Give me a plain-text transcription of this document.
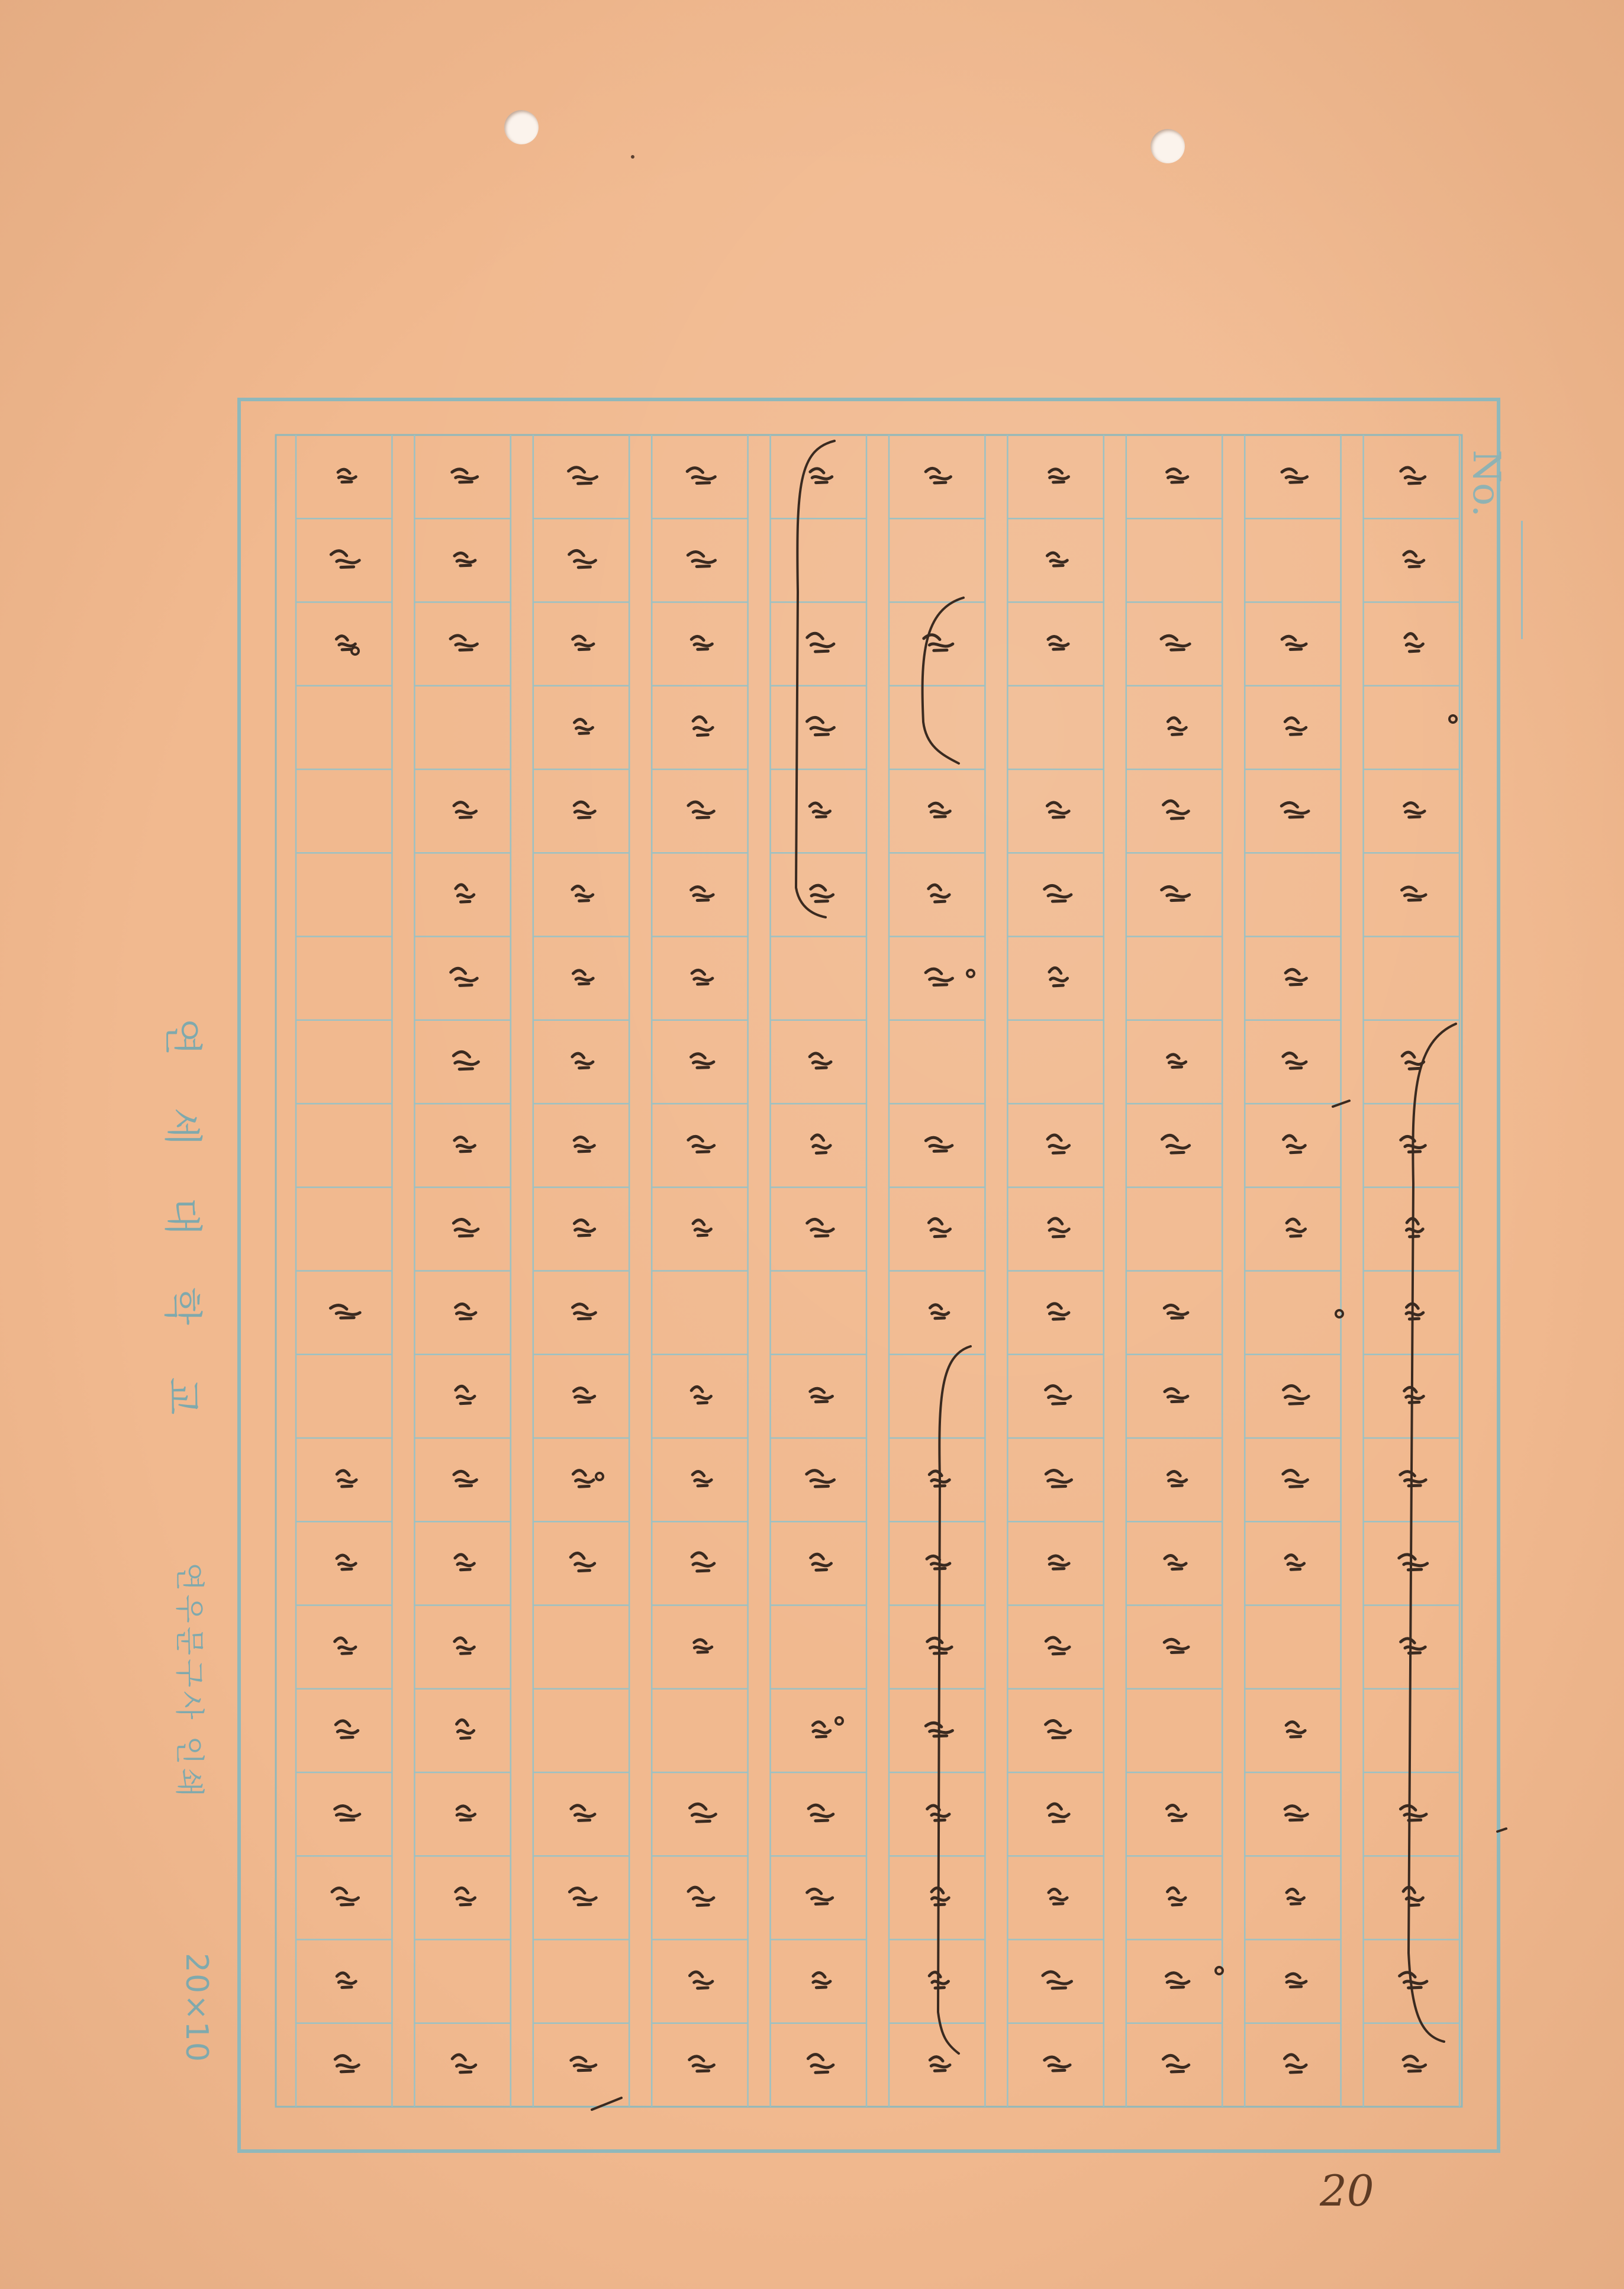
No.
연세대학교
연우문구사 인쇄
20×10
20
